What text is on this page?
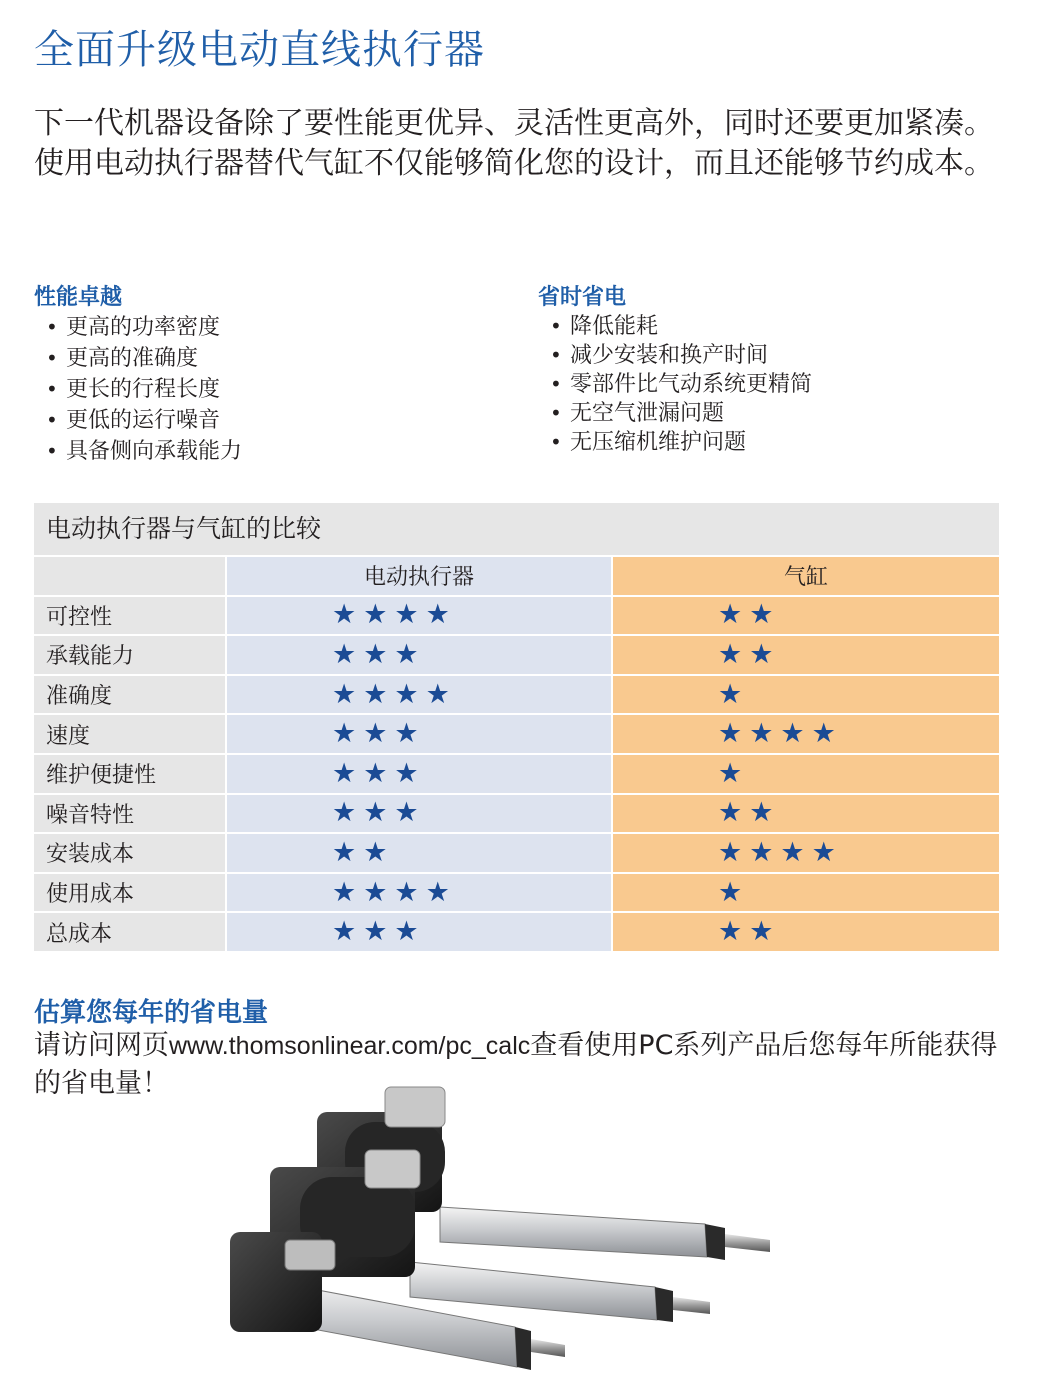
全面升级电动直线执行器
下一代机器设备除了要性能更优异、灵活性更高外，同时还要更加紧凑。使用电动执行器替代气缸不仅能够简化您的设计，而且还能够节约成本。
性能卓越
• 更高的功率密度
• 更高的准确度
• 更长的行程长度
• 更低的运行噪音
• 具备侧向承载能力
省时省电
• 降低能耗
• 减少安装和换产时间
• 零部件比气动系统更精简
• 无空气泄漏问题
• 无压缩机维护问题
电动执行器与气缸的比较
	电动执行器	气缸
可控性	★★★★	★★

承载能力	★★★	★★

准确度	★★★★	★

速度	★★★	★★★★

维护便捷性	★★★	★

噪音特性	★★★	★★

安装成本	★★	★★★★

使用成本	★★★★	★

总成本	★★★	★★
估算您每年的省电量
请访问网页www.thomsonlinear.com/pc_calc查看使用PC系列产品后您每年所能获得的省电量！
